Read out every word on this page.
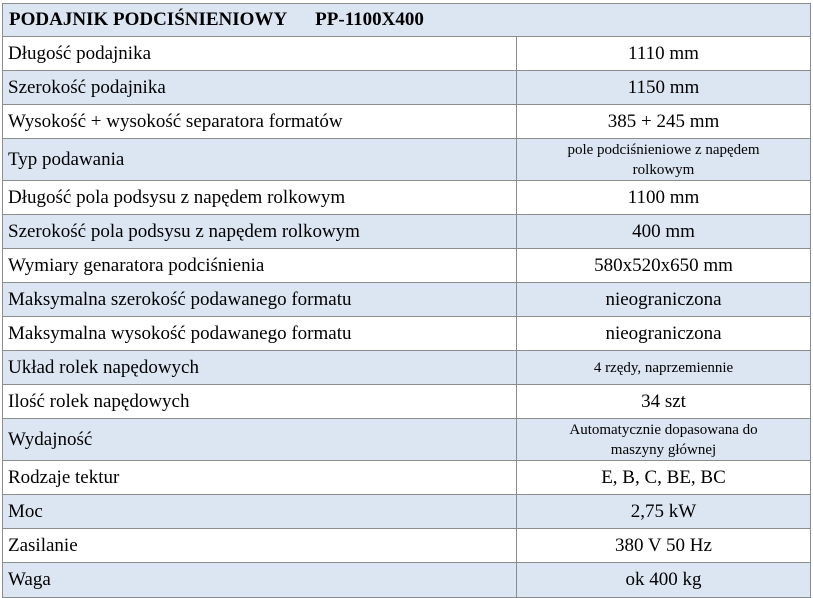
PODAJNIK PODCIŚNIENIOWY PP-1100X400
Długość podajnika	1110 mm
Szerokość podajnika	1150 mm
Wysokość + wysokość separatora formatów	385 + 245 mm
Typ podawania	pole podciśnieniowe z napędem rolkowym
Długość pola podsysu z napędem rolkowym	1100 mm
Szerokość pola podsysu z napędem rolkowym	400 mm
Wymiary genaratora podciśnienia	580x520x650 mm
Maksymalna szerokość podawanego formatu	nieograniczona
Maksymalna wysokość podawanego formatu	nieograniczona
Układ rolek napędowych	4 rzędy, naprzemiennie
Ilość rolek napędowych	34 szt
Wydajność	Automatycznie dopasowana do maszyny głównej
Rodzaje tektur	E, B, C, BE, BC
Moc	2,75 kW
Zasilanie	380 V 50 Hz
Waga	ok 400 kg
